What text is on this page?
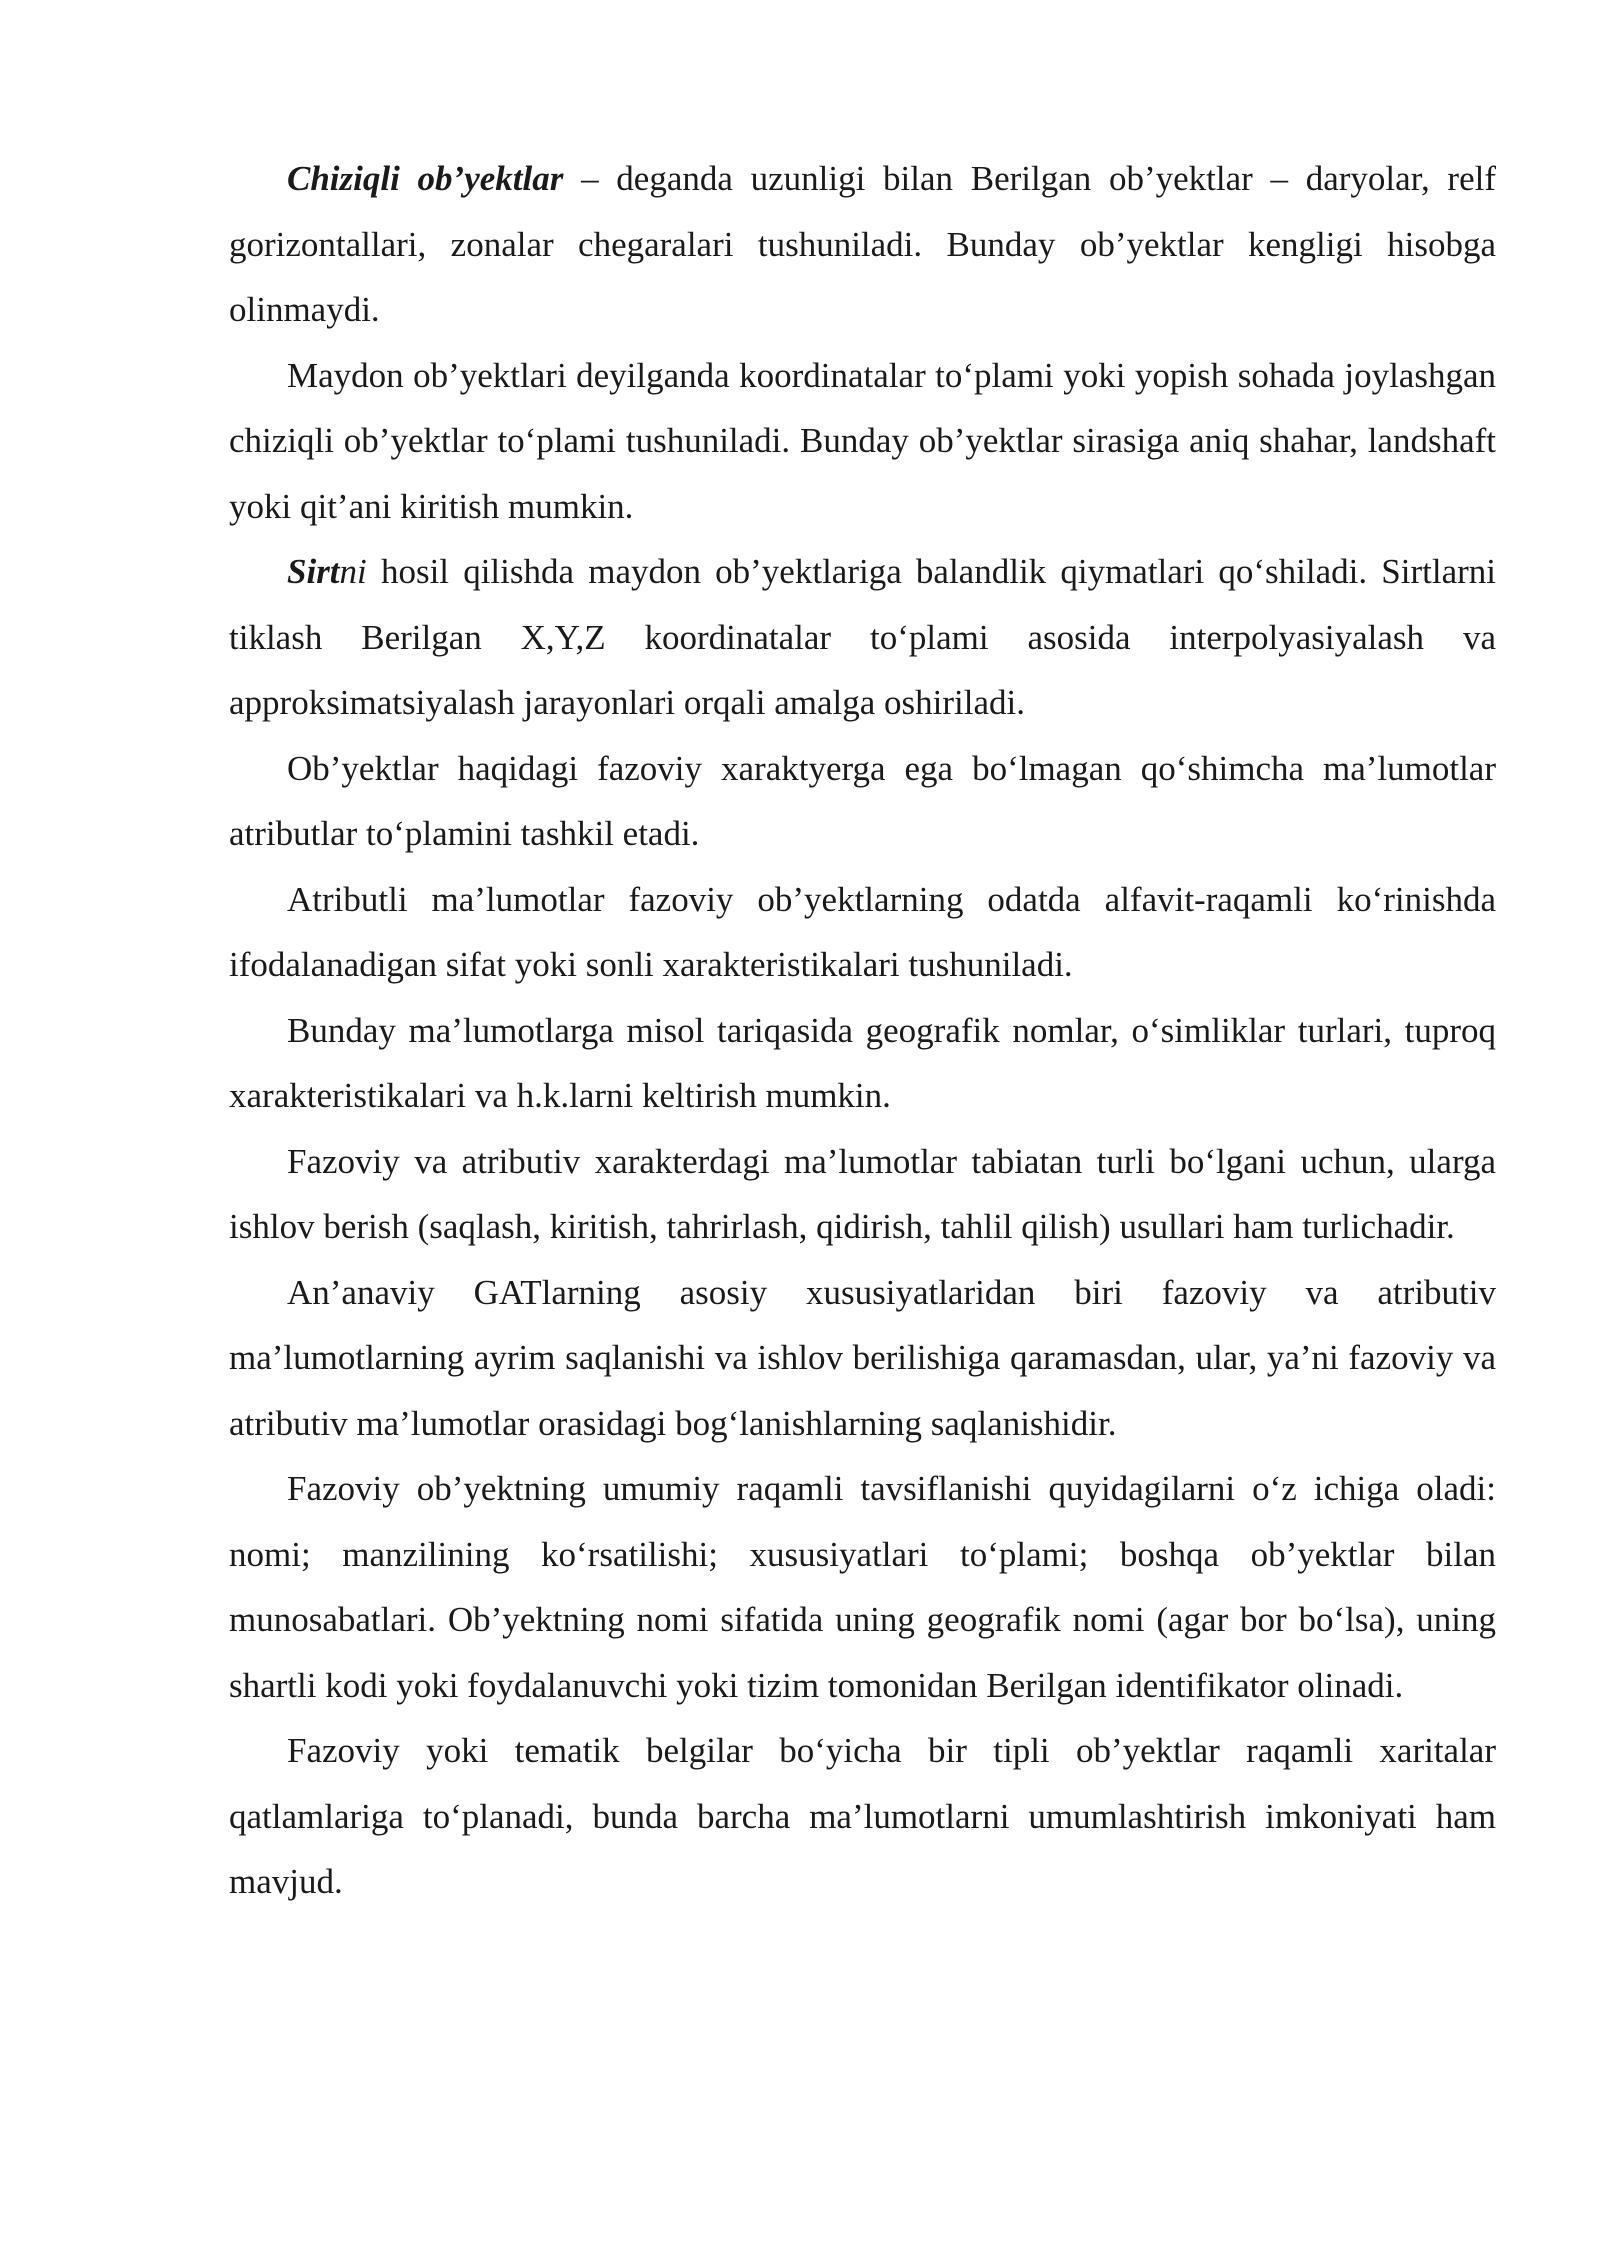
Chiziqli ob’yektlar – deganda uzunligi bilan Berilgan ob’yektlar – daryolar, relf gorizontallari, zonalar chegaralari tushuniladi. Bunday ob’yektlar kengligi hisobga olinmaydi.

Maydon ob’yektlari deyilganda koordinatalar to‘plami yoki yopish sohada joylashgan chiziqli ob’yektlar to‘plami tushuniladi. Bunday ob’yektlar sirasiga aniq shahar, landshaft yoki qit’ani kiritish mumkin.

Sirtni hosil qilishda maydon ob’yektlariga balandlik qiymatlari qo‘shiladi. Sirtlarni tiklash Berilgan X,Y,Z koordinatalar to‘plami asosida interpolyasiyalash va approksimatsiyalash jarayonlari orqali amalga oshiriladi.

Ob’yektlar haqidagi fazoviy xaraktyerga ega bo‘lmagan qo‘shimcha ma’lumotlar atributlar to‘plamini tashkil etadi.

Atributli ma’lumotlar fazoviy ob’yektlarning odatda alfavit-raqamli ko‘rinishda ifodalanadigan sifat yoki sonli xarakteristikalari tushuniladi.

Bunday ma’lumotlarga misol tariqasida geografik nomlar, o‘simliklar turlari, tuproq xarakteristikalari va h.k.larni keltirish mumkin.

Fazoviy va atributiv xarakterdagi ma’lumotlar tabiatan turli bo‘lgani uchun, ularga ishlov berish (saqlash, kiritish, tahrirlash, qidirish, tahlil qilish) usullari ham turlichadir.

An’anaviy GATlarning asosiy xususiyatlaridan biri fazoviy va atributiv ma’lumotlarning ayrim saqlanishi va ishlov berilishiga qaramasdan, ular, ya’ni fazoviy va atributiv ma’lumotlar orasidagi bog‘lanishlarning saqlanishidir.

Fazoviy ob’yektning umumiy raqamli tavsiflanishi quyidagilarni o‘z ichiga oladi: nomi; manzilining ko‘rsatilishi; xususiyatlari to‘plami; boshqa ob’yektlar bilan munosabatlari. Ob’yektning nomi sifatida uning geografik nomi (agar bor bo‘lsa), uning shartli kodi yoki foydalanuvchi yoki tizim tomonidan Berilgan identifikator olinadi.

Fazoviy yoki tematik belgilar bo‘yicha bir tipli ob’yektlar raqamli xaritalar qatlamlariga to‘planadi, bunda barcha ma’lumotlarni umumlashtirish imkoniyati ham mavjud.
